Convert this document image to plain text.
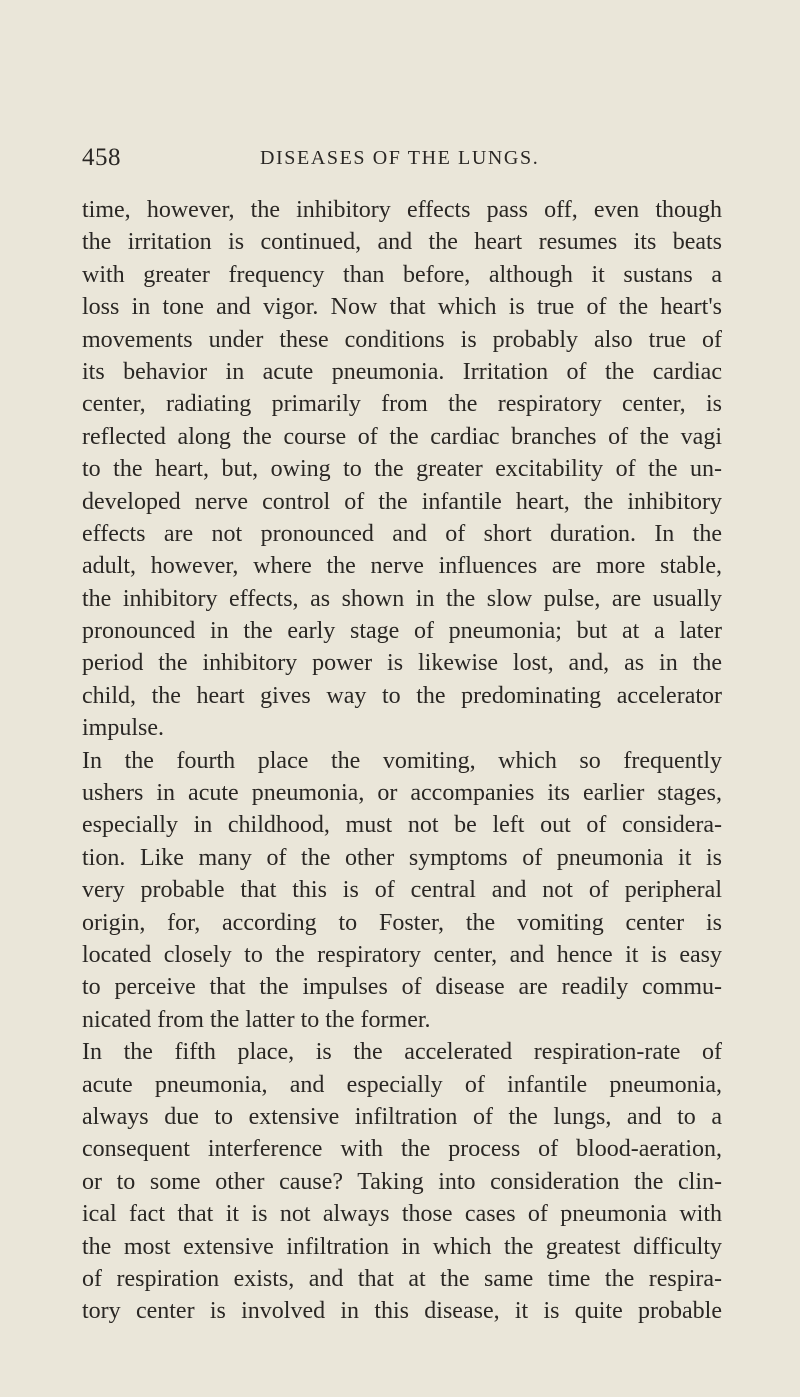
458	DISEASES OF THE LUNGS.
time, however, the inhibitory effects pass off, even though
the irritation is continued, and the heart resumes its beats
with greater frequency than before, although it sustans a
loss in tone and vigor. Now that which is true of the heart's
movements under these conditions is probably also true of
its behavior in acute pneumonia. Irritation of the cardiac
center, radiating primarily from the respiratory center, is
reflected along the course of the cardiac branches of the vagi
to the heart, but, owing to the greater excitability of the un-
developed nerve control of the infantile heart, the inhibitory
effects are not pronounced and of short duration. In the
adult, however, where the nerve influences are more stable,
the inhibitory effects, as shown in the slow pulse, are usually
pronounced in the early stage of pneumonia; but at a later
period the inhibitory power is likewise lost, and, as in the
child, the heart gives way to the predominating accelerator
impulse.
In the fourth place the vomiting, which so frequently
ushers in acute pneumonia, or accompanies its earlier stages,
especially in childhood, must not be left out of considera-
tion. Like many of the other symptoms of pneumonia it is
very probable that this is of central and not of peripheral
origin, for, according to Foster, the vomiting center is
located closely to the respiratory center, and hence it is easy
to perceive that the impulses of disease are readily commu-
nicated from the latter to the former.
In the fifth place, is the accelerated respiration-rate of
acute pneumonia, and especially of infantile pneumonia,
always due to extensive infiltration of the lungs, and to a
consequent interference with the process of blood-aeration,
or to some other cause? Taking into consideration the clin-
ical fact that it is not always those cases of pneumonia with
the most extensive infiltration in which the greatest difficulty
of respiration exists, and that at the same time the respira-
tory center is involved in this disease, it is quite probable
